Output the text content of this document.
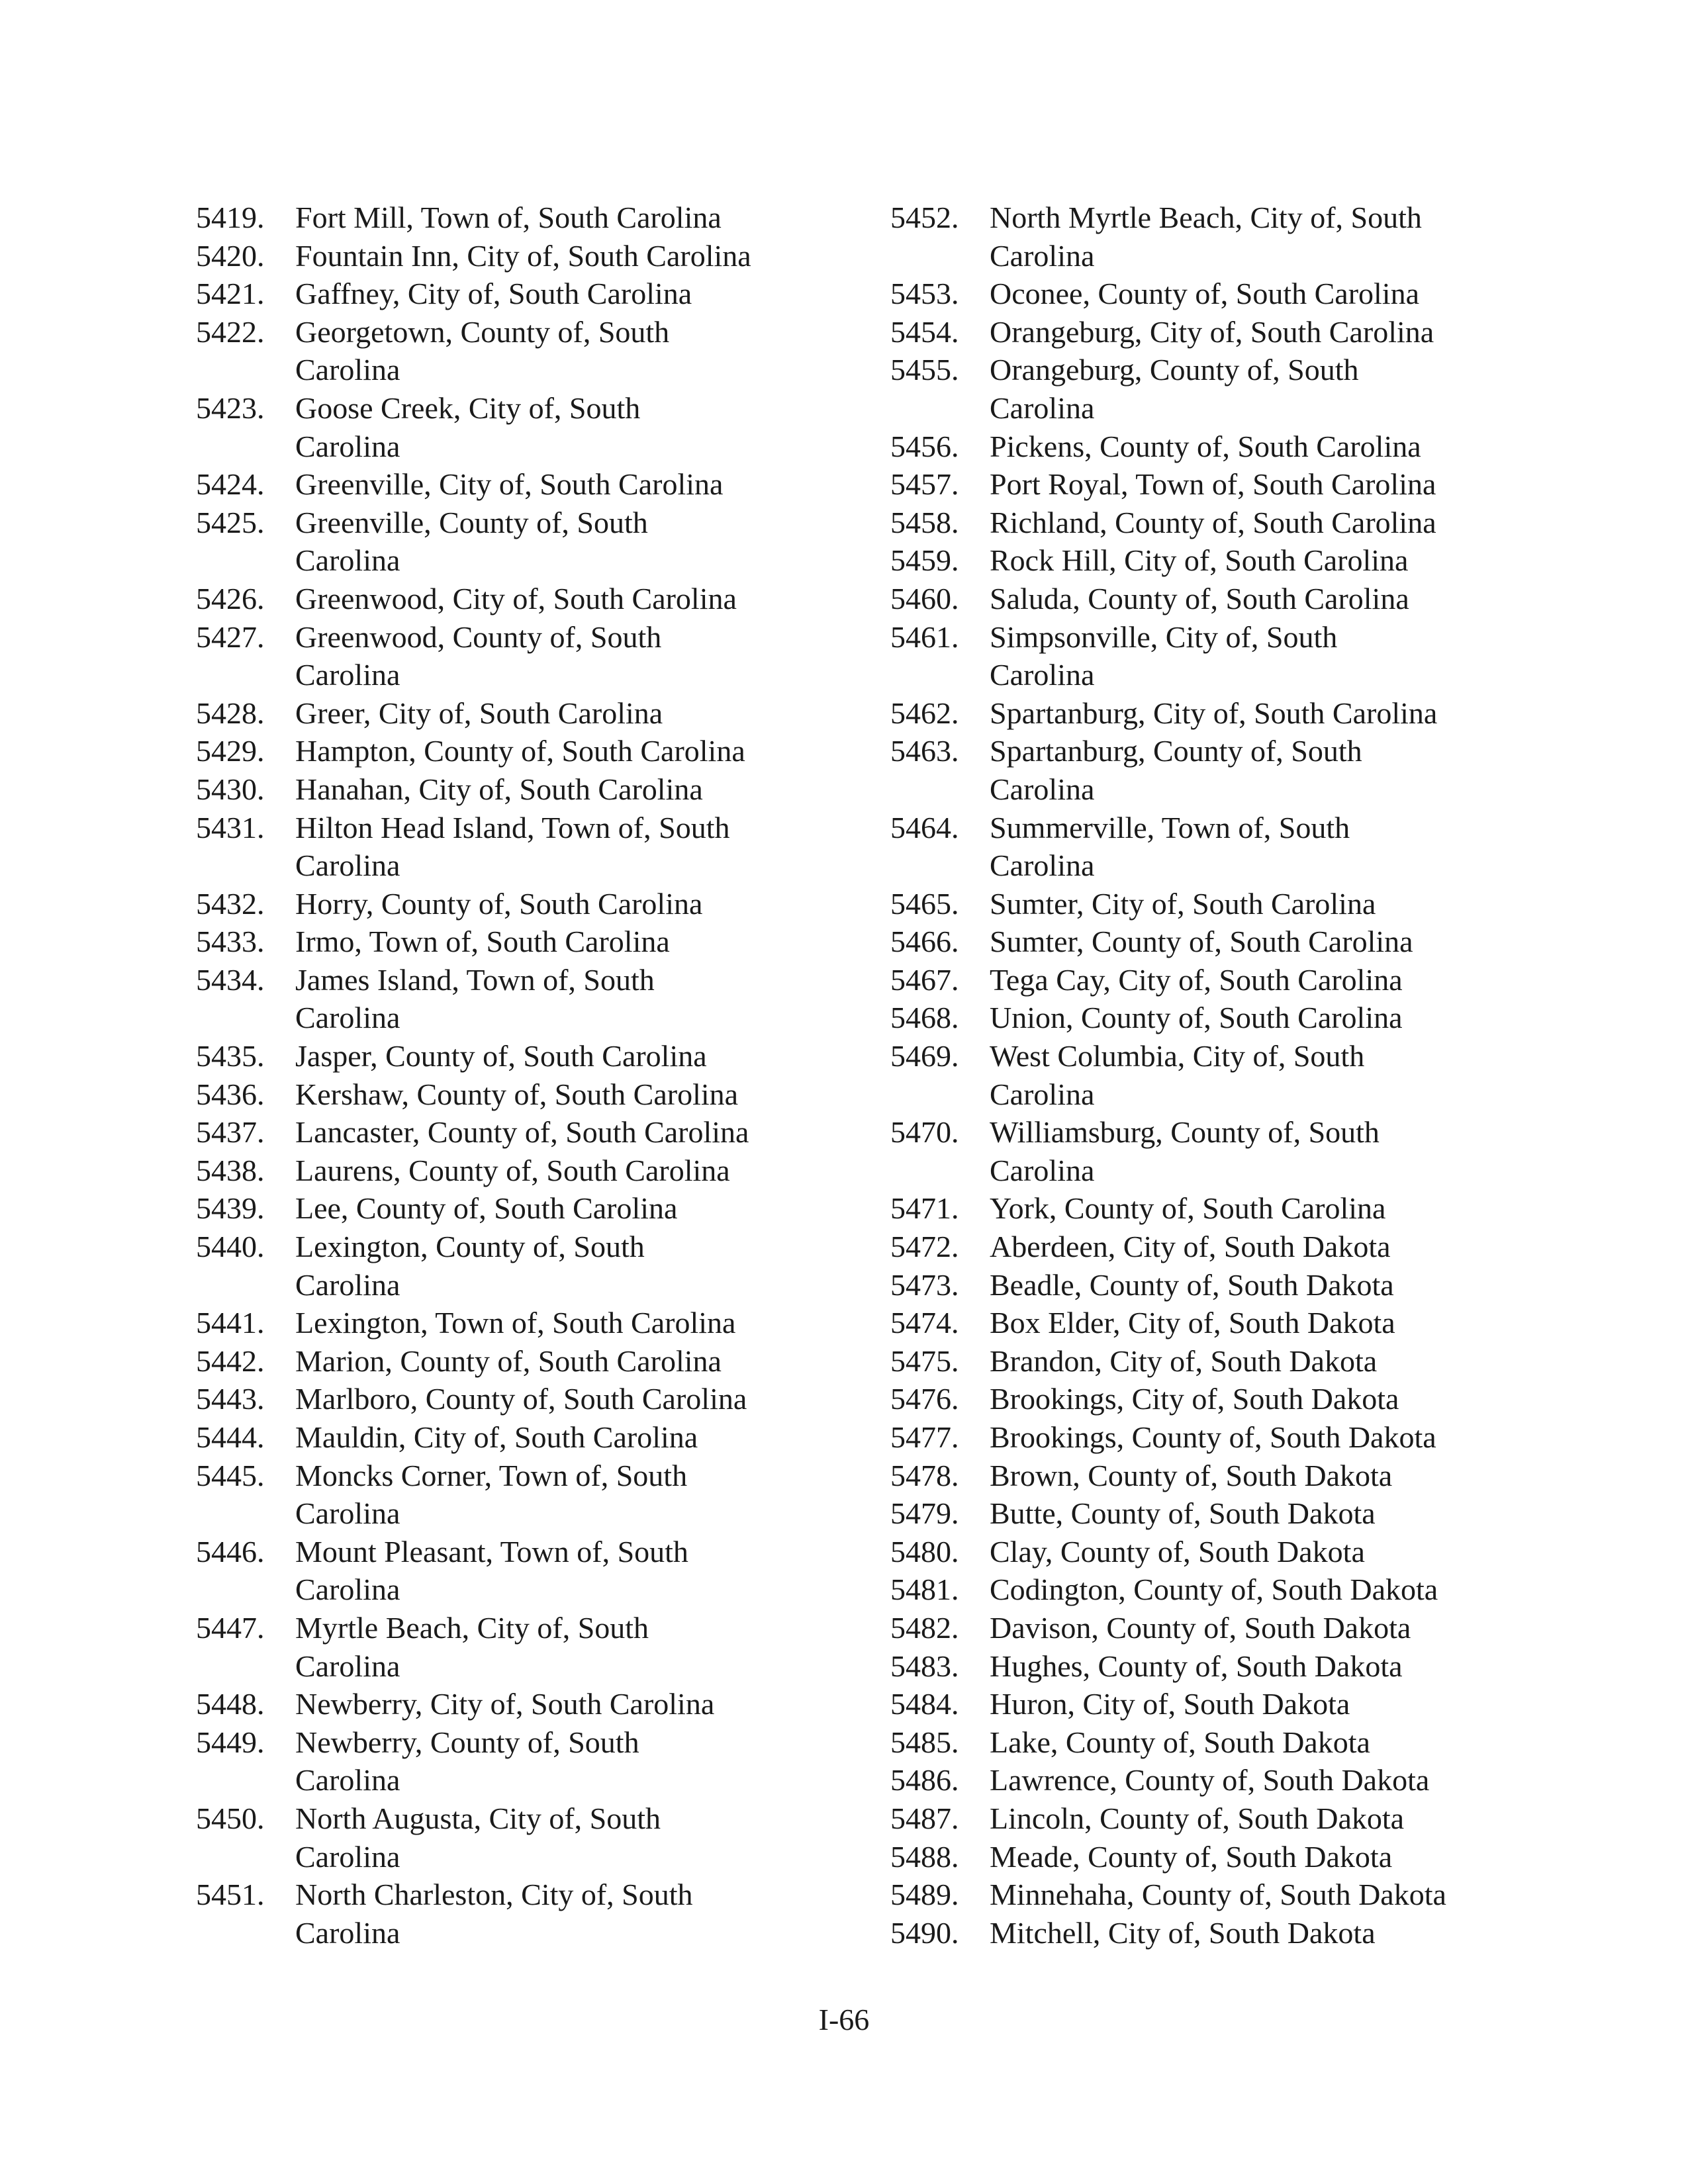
5419.	Fort Mill, Town of, South Carolina
5420.	Fountain Inn, City of, South Carolina
5421.	Gaffney, City of, South Carolina
5422.	Georgetown, County of, South
Carolina
5423.	Goose Creek, City of, South
Carolina
5424.	Greenville, City of, South Carolina
5425.	Greenville, County of, South
Carolina
5426.	Greenwood, City of, South Carolina
5427.	Greenwood, County of, South
Carolina
5428.	Greer, City of, South Carolina
5429.	Hampton, County of, South Carolina
5430.	Hanahan, City of, South Carolina
5431.	Hilton Head Island, Town of, South
Carolina
5432.	Horry, County of, South Carolina
5433.	Irmo, Town of, South Carolina
5434.	James Island, Town of, South
Carolina
5435.	Jasper, County of, South Carolina
5436.	Kershaw, County of, South Carolina
5437.	Lancaster, County of, South Carolina
5438.	Laurens, County of, South Carolina
5439.	Lee, County of, South Carolina
5440.	Lexington, County of, South
Carolina
5441.	Lexington, Town of, South Carolina
5442.	Marion, County of, South Carolina
5443.	Marlboro, County of, South Carolina
5444.	Mauldin, City of, South Carolina
5445.	Moncks Corner, Town of, South
Carolina
5446.	Mount Pleasant, Town of, South
Carolina
5447.	Myrtle Beach, City of, South
Carolina
5448.	Newberry, City of, South Carolina
5449.	Newberry, County of, South
Carolina
5450.	North Augusta, City of, South
Carolina
5451.	North Charleston, City of, South
Carolina
5452.	North Myrtle Beach, City of, South
Carolina
5453.	Oconee, County of, South Carolina
5454.	Orangeburg, City of, South Carolina
5455.	Orangeburg, County of, South
Carolina
5456.	Pickens, County of, South Carolina
5457.	Port Royal, Town of, South Carolina
5458.	Richland, County of, South Carolina
5459.	Rock Hill, City of, South Carolina
5460.	Saluda, County of, South Carolina
5461.	Simpsonville, City of, South
Carolina
5462.	Spartanburg, City of, South Carolina
5463.	Spartanburg, County of, South
Carolina
5464.	Summerville, Town of, South
Carolina
5465.	Sumter, City of, South Carolina
5466.	Sumter, County of, South Carolina
5467.	Tega Cay, City of, South Carolina
5468.	Union, County of, South Carolina
5469.	West Columbia, City of, South
Carolina
5470.	Williamsburg, County of, South
Carolina
5471.	York, County of, South Carolina
5472.	Aberdeen, City of, South Dakota
5473.	Beadle, County of, South Dakota
5474.	Box Elder, City of, South Dakota
5475.	Brandon, City of, South Dakota
5476.	Brookings, City of, South Dakota
5477.	Brookings, County of, South Dakota
5478.	Brown, County of, South Dakota
5479.	Butte, County of, South Dakota
5480.	Clay, County of, South Dakota
5481.	Codington, County of, South Dakota
5482.	Davison, County of, South Dakota
5483.	Hughes, County of, South Dakota
5484.	Huron, City of, South Dakota
5485.	Lake, County of, South Dakota
5486.	Lawrence, County of, South Dakota
5487.	Lincoln, County of, South Dakota
5488.	Meade, County of, South Dakota
5489.	Minnehaha, County of, South Dakota
5490.	Mitchell, City of, South Dakota
I-66
